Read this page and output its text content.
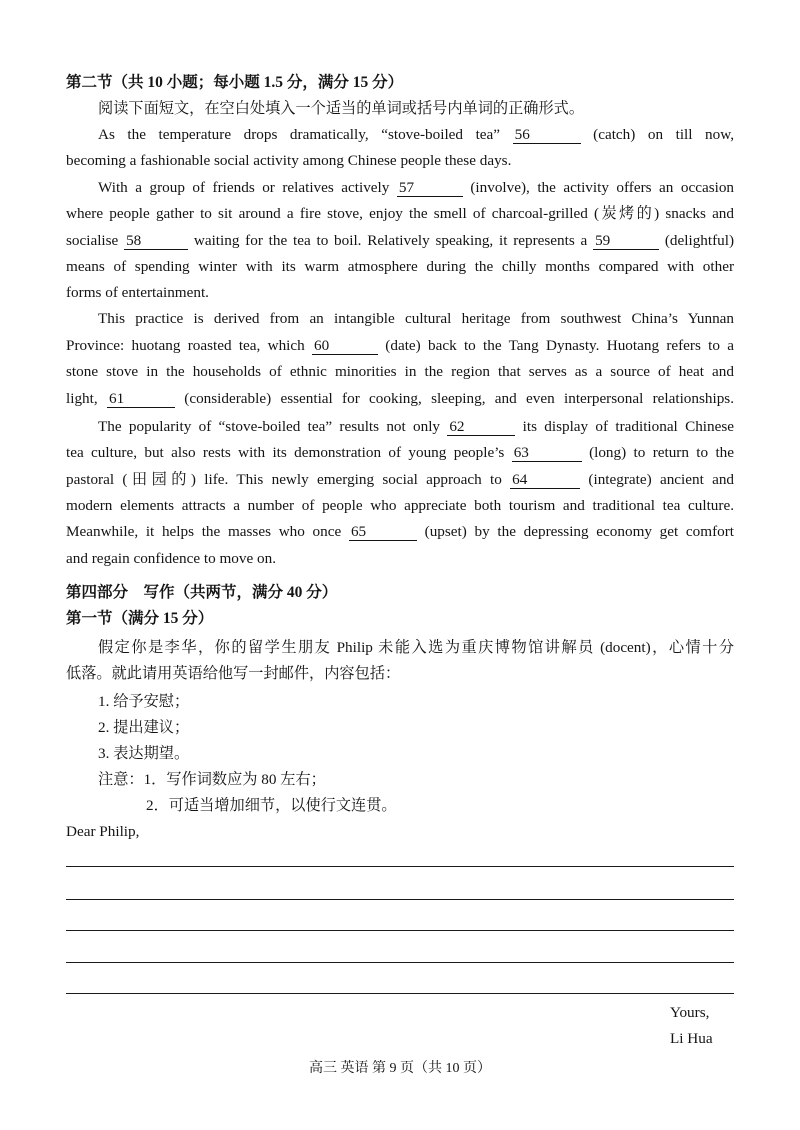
第二节（共 10 小题；每小题 1.5 分，满分 15 分）
阅读下面短文，在空白处填入一个适当的单词或括号内单词的正确形式。
As the temperature drops dramatically, “stove-boiled tea” 56	(catch) on till now,
becoming a fashionable social activity among Chinese people these days.
With a group of friends or relatives actively 57	(involve), the activity offers an occasion
where people gather to sit around a fire stove, enjoy the smell of charcoal-grilled (炭烤的) snacks and
socialise 58	waiting for the tea to boil. Relatively speaking, it represents a 59	(delightful)
means of spending winter with its warm atmosphere during the chilly months compared with other
forms of entertainment.
This practice is derived from an intangible cultural heritage from southwest China’s Yunnan
Province: huotang roasted tea, which 60	(date) back to the Tang Dynasty. Huotang refers to a
stone stove in the households of ethnic minorities in the region that serves as a source of heat and
light, 61	(considerable) essential for cooking, sleeping, and even interpersonal relationships.
The popularity of “stove-boiled tea” results not only 62	its display of traditional Chinese
tea culture, but also rests with its demonstration of young people’s 63	(long) to return to the
pastoral (田园的) life. This newly emerging social approach to 64	(integrate) ancient and
modern elements attracts a number of people who appreciate both tourism and traditional tea culture.
Meanwhile, it helps the masses who once 65	(upset) by the depressing economy get comfort
and regain confidence to move on.
第四部分　写作（共两节，满分 40 分）
第一节（满分 15 分）
假定你是李华，你的留学生朋友 Philip 未能入选为重庆博物馆讲解员 (docent)，心情十分
低落。就此请用英语给他写一封邮件，内容包括：
1. 给予安慰；
2. 提出建议；
3. 表达期望。
注意：1．写作词数应为 80 左右；
2．可适当增加细节，以使行文连贯。
Dear Philip,
Yours,
Li Hua
高三 英语 第 9 页（共 10 页）
